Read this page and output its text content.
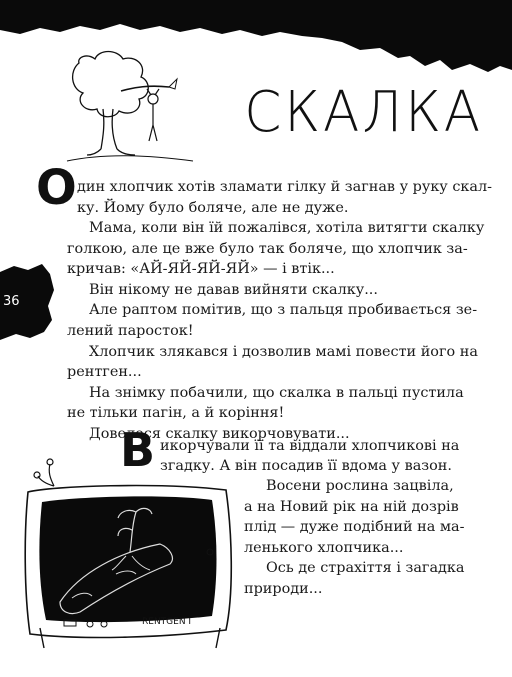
СКАЛКА
36
О дин хлопчик хотів зламати гілку й загнав у руку скал-
ку. Йому було боляче, але не дуже.
Мама, коли він їй пожалівся, хотіла витягти скалку
голкою, але це вже було так боляче, що хлопчик за-
кричав: «АЙ-ЯЙ-ЯЙ-ЯЙ» — і втік...
Він нікому не давав вийняти скалку...
Але раптом помітив, що з пальця пробивається зе-
лений паросток!
Хлопчик злякався і дозволив мамі повести його на
рентген...
На знімку побачили, що скалка в пальці пустила
не тільки пагін, а й коріння!
Довелося скалку викорчовувати...
В икорчували її та віддали хлопчикові на
згадку. А він посадив її вдома у вазон.
Восени рослина зацвіла,
а на Новий рік на ній дозрів
плід — дуже подібний на ма-
ленького хлопчика...
Ось де страхіття і загадка
природи...
RENTGEN I
